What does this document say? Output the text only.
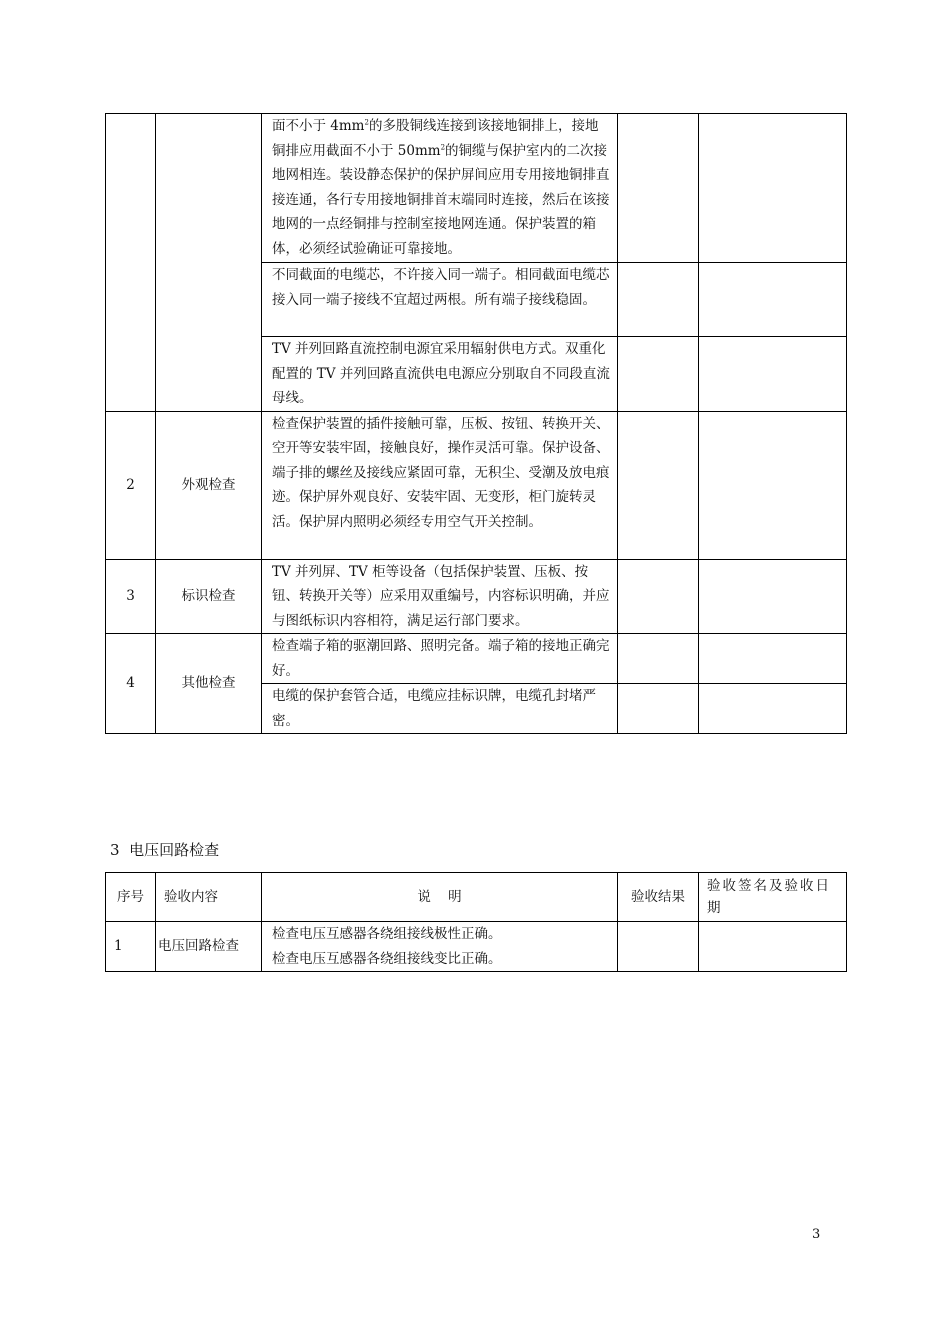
		面不小于 $4mm^2$的多股铜线连接到该接地铜排上，接地铜排应用截面不小于 $50mm^2$的铜缆与保护室内的二次接地网相连。装设静态保护的保护屏间应用专用接地铜排直接连通，各行专用接地铜排首末端同时连接，然后在该接地网的一点经铜排与控制室接地网连通。保护装置的箱体，必须经试验确证可靠接地。		
		不同截面的电缆芯，不许接入同一端子。相同截面电缆芯接入同一端子接线不宜超过两根。所有端子接线稳固。		
		TV 并列回路直流控制电源宜采用辐射供电方式。双重化配置的 TV 并列回路直流供电电源应分别取自不同段直流母线。		
2	外观检查	检查保护装置的插件接触可靠，压板、按钮、转换开关、空开等安装牢固，接触良好，操作灵活可靠。保护设备、端子排的螺丝及接线应紧固可靠，无积尘、受潮及放电痕迹。保护屏外观良好、安装牢固、无变形，柜门旋转灵活。保护屏内照明必须经专用空气开关控制。		
3	标识检查	TV 并列屏、TV 柜等设备（包括保护装置、压板、按钮、转换开关等）应采用双重编号，内容标识明确，并应与图纸标识内容相符，满足运行部门要求。		
4	其他检查	检查端子箱的驱潮回路、照明完备。端子箱的接地正确完好。		
		电缆的保护套管合适，电缆应挂标识牌，电缆孔封堵严密。		
3  电压回路检查
序号	验收内容	说    明	验收结果	验收签名及验收日期
1	电压回路检查	检查电压互感器各绕组接线极性正确。
检查电压互感器各绕组接线变比正确。		

3
